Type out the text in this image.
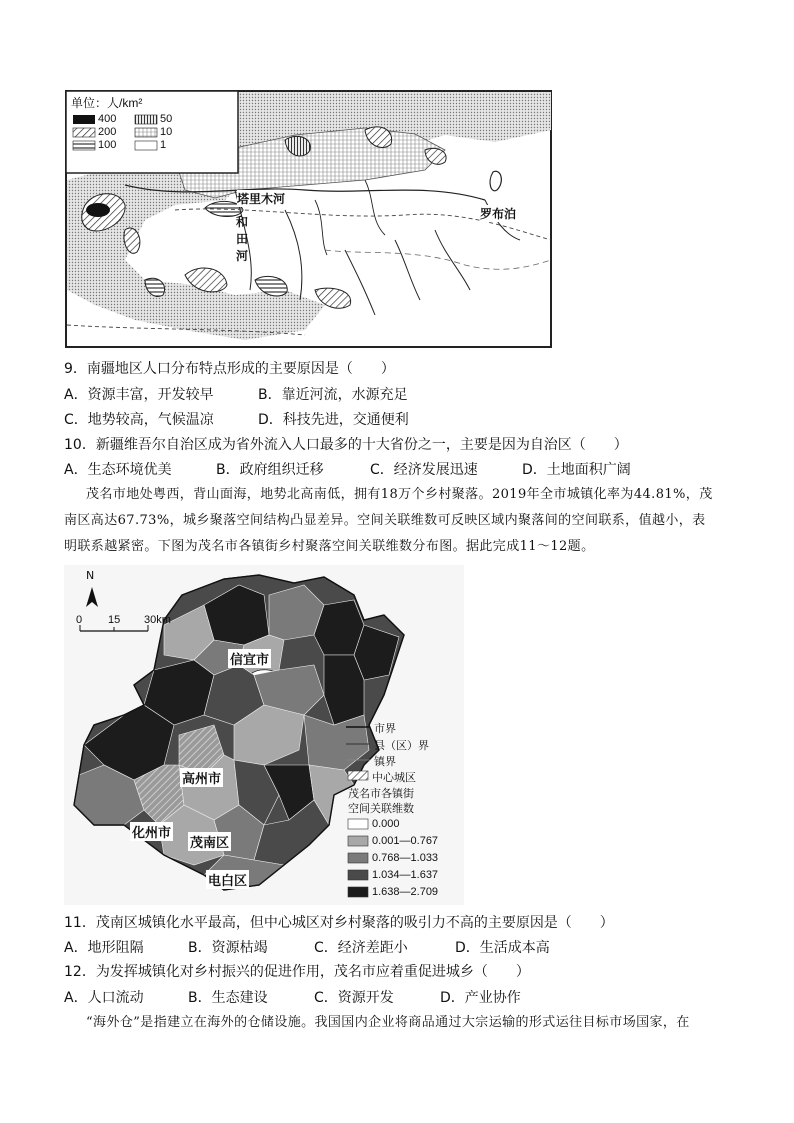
单位：人/km²
400	50
200	10
100	1
塔里木河
和
田
河
罗布泊
9．南疆地区人口分布特点形成的主要原因是（　　）
A．资源丰富，开发较早	B．靠近河流，水源充足
C．地势较高，气候温凉	D．科技先进，交通便利
10．新疆维吾尔自治区成为省外流入人口最多的十大省份之一，主要是因为自治区（　　）
A．生态环境优美	B．政府组织迁移	C．经济发展迅速	D．土地面积广阔
茂名市地处粤西，背山面海，地势北高南低，拥有18万个乡村聚落。2019年全市城镇化率为44.81%，茂
南区高达67.73%，城乡聚落空间结构凸显差异。空间关联维数可反映区域内聚落间的空间联系，值越小，表
明联系越紧密。下图为茂名市各镇街乡村聚落空间关联维数分布图。据此完成11～12题。
N
0 15 30km
信宜市
高州市
化州市
茂南区
电白区
市界
县（区）界
镇界
中心城区
茂名市各镇街
空间关联维数
0.000
0.001—0.767
0.768—1.033
1.034—1.637
1.638—2.709
11．茂南区城镇化水平最高，但中心城区对乡村聚落的吸引力不高的主要原因是（　　）
A．地形阻隔	B．资源枯竭	C．经济差距小	D．生活成本高
12．为发挥城镇化对乡村振兴的促进作用，茂名市应着重促进城乡（　　）
A．人口流动	B．生态建设	C．资源开发	D．产业协作
“海外仓”是指建立在海外的仓储设施。我国国内企业将商品通过大宗运输的形式运往目标市场国家，在
